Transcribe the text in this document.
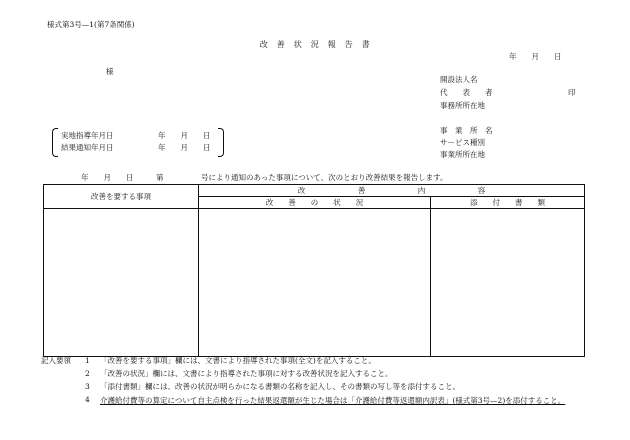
様式第3号—1(第7条関係)
改　善　状　況　報　告　書
年　　月　　日
様
開設法人名
代　　表　　者	印
事務所所在地
実地指導年月日	年　　月　　日
結果通知年月日	年　　月　　日
事　業　所　名
サービス種別
事業所所在地
年　　月　　日　　　第	号により通知のあった事項について、次のとおり改善結果を報告します。
改善を要する事項	改　　　　　　　善　　　　　　　内　　　　　　　容	
	改　　善　　の　　状　　況	添　　付　　書　　類

記入要領 1 「改善を要する事項」欄には、文書により指導された事項(全文)を記入すること。
2 「改善の状況」欄には、文書により指導された事項に対する改善状況を記入すること。
3 「添付書類」欄には、改善の状況が明らかになる書類の名称を記入し、その書類の写し等を添付すること。
4 介護給付費等の算定について自主点検を行った結果返還額が生じた場合は「介護給付費等返還額内訳表」(様式第3号—2)を添付すること。
